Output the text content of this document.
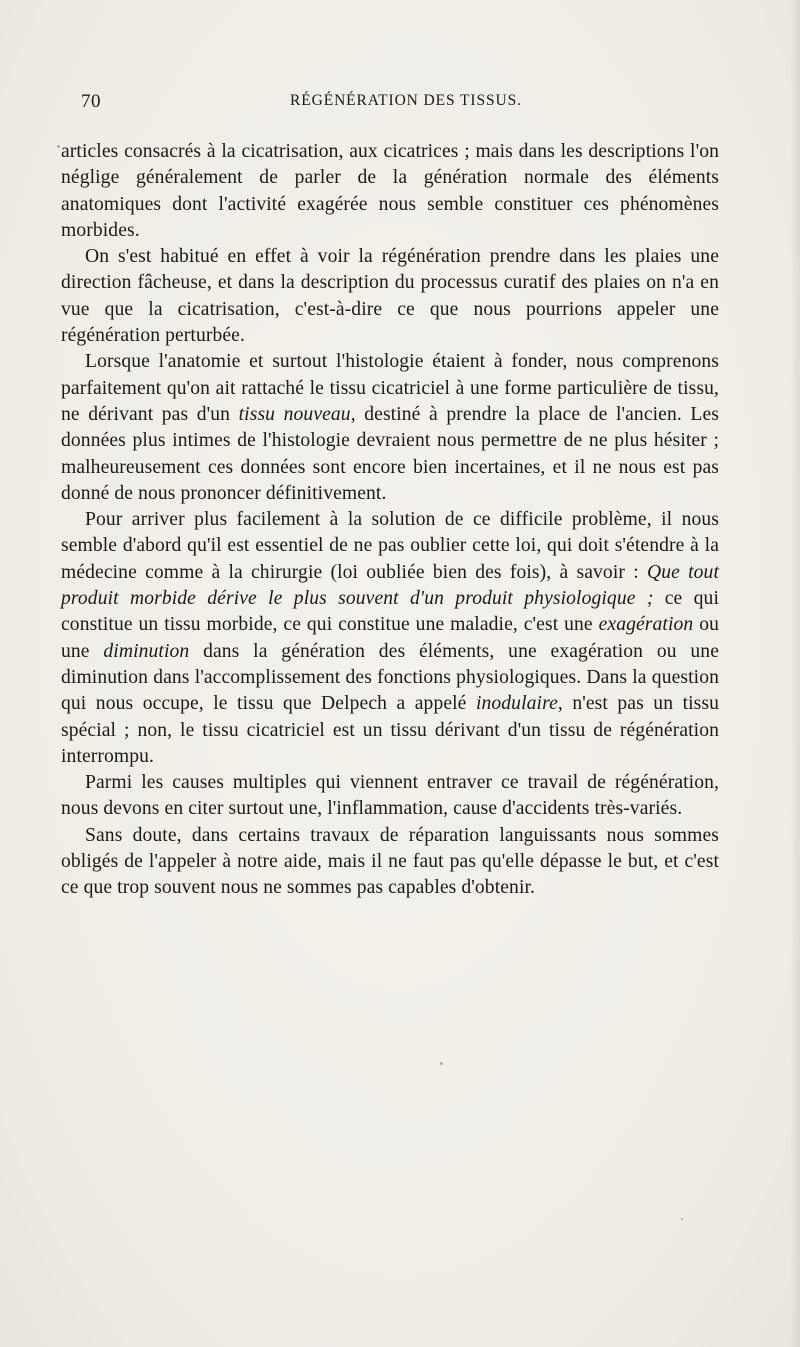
70	RÉGÉNÉRATION DES TISSUS.

articles consacrés à la cicatrisation, aux cicatrices ; mais dans les descriptions l'on néglige généralement de parler de la génération normale des éléments anatomiques dont l'activité exagérée nous semble constituer ces phénomènes morbides.

On s'est habitué en effet à voir la régénération prendre dans les plaies une direction fâcheuse, et dans la description du processus curatif des plaies on n'a en vue que la cicatrisation, c'est-à-dire ce que nous pourrions appeler une régénération perturbée.

Lorsque l'anatomie et surtout l'histologie étaient à fonder, nous comprenons parfaitement qu'on ait rattaché le tissu cicatriciel à une forme particulière de tissu, ne dérivant pas d'un tissu nouveau, destiné à prendre la place de l'ancien. Les données plus intimes de l'histologie devraient nous permettre de ne plus hésiter ; malheureusement ces données sont encore bien incertaines, et il ne nous est pas donné de nous prononcer définitivement.

Pour arriver plus facilement à la solution de ce difficile problème, il nous semble d'abord qu'il est essentiel de ne pas oublier cette loi, qui doit s'étendre à la médecine comme à la chirurgie (loi oubliée bien des fois), à savoir : Que tout produit morbide dérive le plus souvent d'un produit physiologique ; ce qui constitue un tissu morbide, ce qui constitue une maladie, c'est une exagération ou une diminution dans la génération des éléments, une exagération ou une diminution dans l'accomplissement des fonctions physiologiques. Dans la question qui nous occupe, le tissu que Delpech a appelé inodulaire, n'est pas un tissu spécial ; non, le tissu cicatriciel est un tissu dérivant d'un tissu de régénération interrompu.

Parmi les causes multiples qui viennent entraver ce travail de régénération, nous devons en citer surtout une, l'inflammation, cause d'accidents très-variés.

Sans doute, dans certains travaux de réparation languissants nous sommes obligés de l'appeler à notre aide, mais il ne faut pas qu'elle dépasse le but, et c'est ce que trop souvent nous ne sommes pas capables d'obtenir.
